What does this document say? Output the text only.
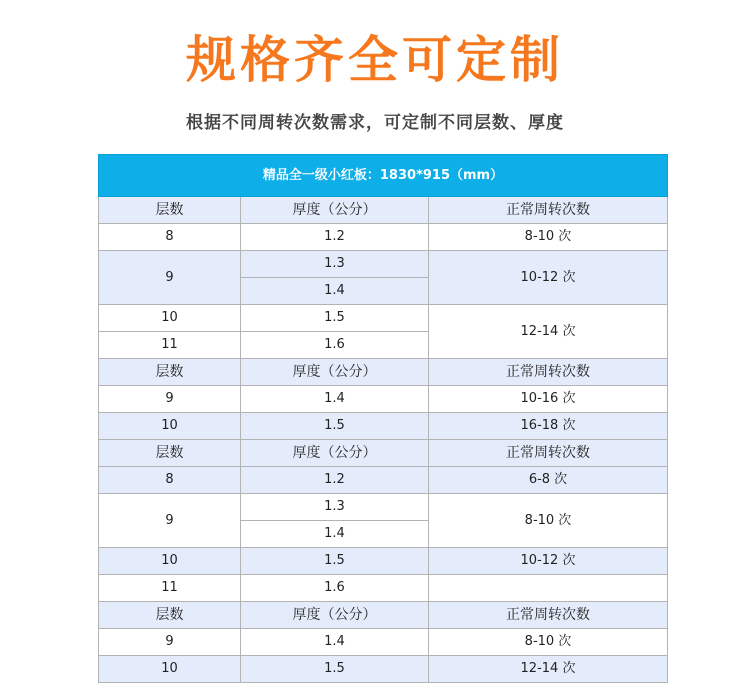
规格齐全可定制
根据不同周转次数需求，可定制不同层数、厚度
精品全一级小红板：1830*915（mm）		
层数	厚度（公分）	正常周转次数
8	1.2	8-10 次
9	1.3	10-12 次
	1.4	
10	1.5	12-14 次
11	1.6	
层数	厚度（公分）	正常周转次数
9	1.4	10-16 次
10	1.5	16-18 次
层数	厚度（公分）	正常周转次数
8	1.2	6-8 次
9	1.3	8-10 次
	1.4	
10	1.5	10-12 次
11	1.6	
层数	厚度（公分）	正常周转次数
9	1.4	8-10 次
10	1.5	12-14 次
